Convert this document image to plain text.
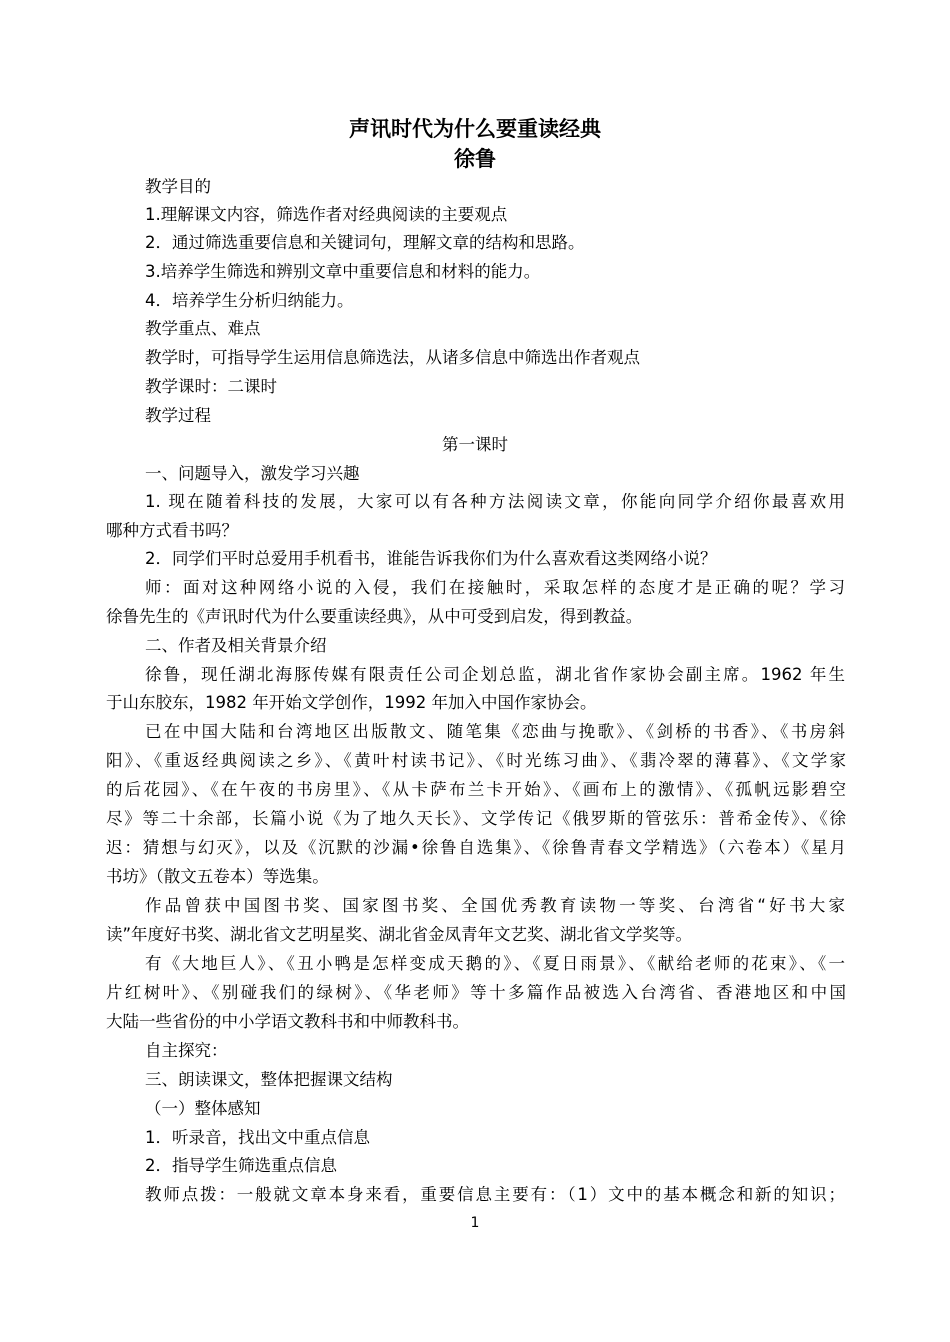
声讯时代为什么要重读经典
徐鲁
教学目的
1.理解课文内容，筛选作者对经典阅读的主要观点
2．通过筛选重要信息和关键词句，理解文章的结构和思路。
3.培养学生筛选和辨别文章中重要信息和材料的能力。
4．培养学生分析归纳能力。
教学重点、难点
教学时，可指导学生运用信息筛选法，从诸多信息中筛选出作者观点
教学课时：二课时
教学过程
第一课时
一、问题导入，激发学习兴趣
1. 现在随着科技的发展，大家可以有各种方法阅读文章，你能向同学介绍你最喜欢用
哪种方式看书吗？
2．同学们平时总爱用手机看书，谁能告诉我你们为什么喜欢看这类网络小说？
师：面对这种网络小说的入侵，我们在接触时，采取怎样的态度才是正确的呢？学习
徐鲁先生的《声讯时代为什么要重读经典》，从中可受到启发，得到教益。
二、作者及相关背景介绍
徐鲁，现任湖北海豚传媒有限责任公司企划总监，湖北省作家协会副主席。1962 年生
于山东胶东，1982 年开始文学创作，1992 年加入中国作家协会。
已在中国大陆和台湾地区出版散文、随笔集《恋曲与挽歌》、《剑桥的书香》、《书房斜
阳》、《重返经典阅读之乡》、《黄叶村读书记》、《时光练习曲》、《翡冷翠的薄暮》、《文学家
的后花园》、《在午夜的书房里》、《从卡萨布兰卡开始》、《画布上的激情》、《孤帆远影碧空
尽》等二十余部，长篇小说《为了地久天长》、文学传记《俄罗斯的管弦乐：普希金传》、《徐
迟：猜想与幻灭》，以及《沉默的沙漏•徐鲁自选集》、《徐鲁青春文学精选》（六卷本）《星月
书坊》（散文五卷本）等选集。
作品曾获中国图书奖、国家图书奖、全国优秀教育读物一等奖、台湾省“好书大家
读”年度好书奖、湖北省文艺明星奖、湖北省金凤青年文艺奖、湖北省文学奖等。
有《大地巨人》、《丑小鸭是怎样变成天鹅的》、《夏日雨景》、《献给老师的花束》、《一
片红树叶》、《别碰我们的绿树》、《华老师》等十多篇作品被选入台湾省、香港地区和中国
大陆一些省份的中小学语文教科书和中师教科书。
自主探究：
三、朗读课文，整体把握课文结构
（一）整体感知
1．听录音，找出文中重点信息
2．指导学生筛选重点信息
教师点拨：一般就文章本身来看，重要信息主要有：（1）文中的基本概念和新的知识；
1
